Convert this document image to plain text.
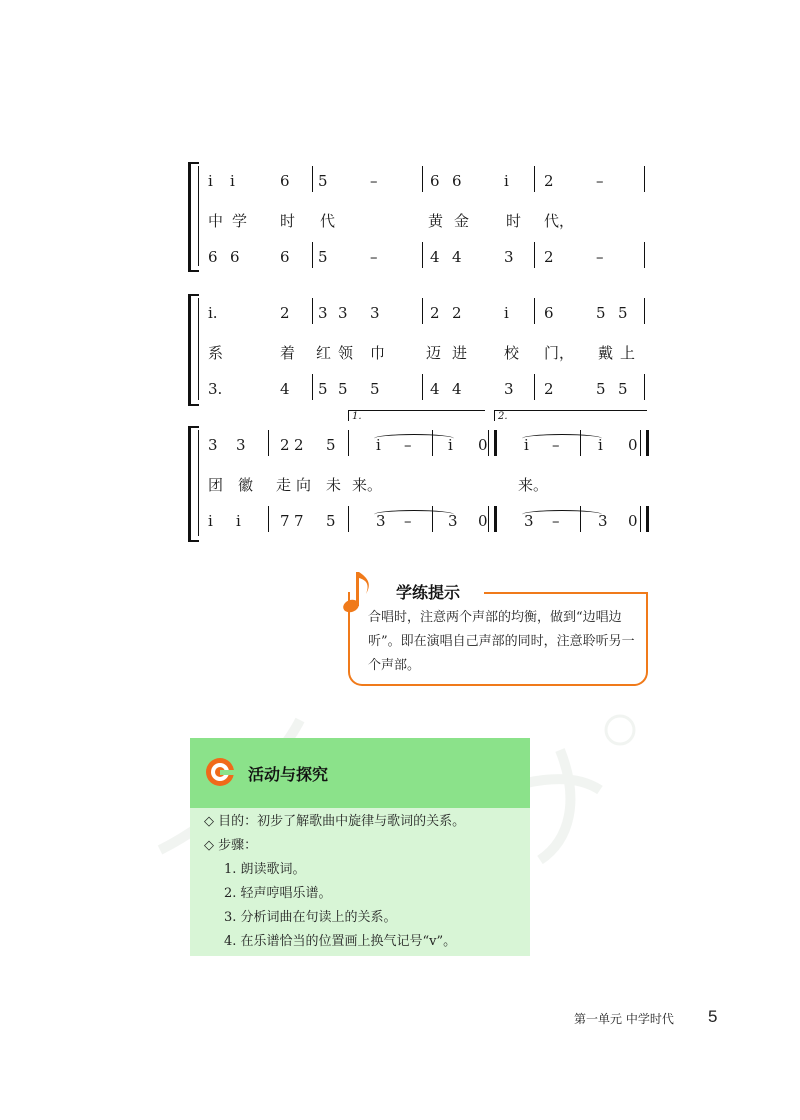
i i	6 5	–	6 6	i 2	–
中 学 时 代	黄 金 时 代，
6 6	6 5	–	4 4	3 2	–
i.	2 3 3 3	2 2	i 6	5 5
系	着 红 领 巾	迈 进 校 门， 戴 上
3.	4 5 5 5	4 4	3 2	5 5
1.	2.
3 3 2 2 5	i – i 0 i –	i 0
团 徽 走 向 未 来。	来。
i i	7 7 5	3 – 3 0 3 –	3 0
学练提示
合唱时，注意两个声部的均衡，做到“边唱边听”。即在演唱自己声部的同时，注意聆听另一个声部。
活动与探究
◇ 目的：初步了解歌曲中旋律与歌词的关系。
◇ 步骤：
1. 朗读歌词。
2. 轻声哼唱乐谱。
3. 分析词曲在句读上的关系。
4. 在乐谱恰当的位置画上换气记号“v”。
第一单元 中学时代 5
